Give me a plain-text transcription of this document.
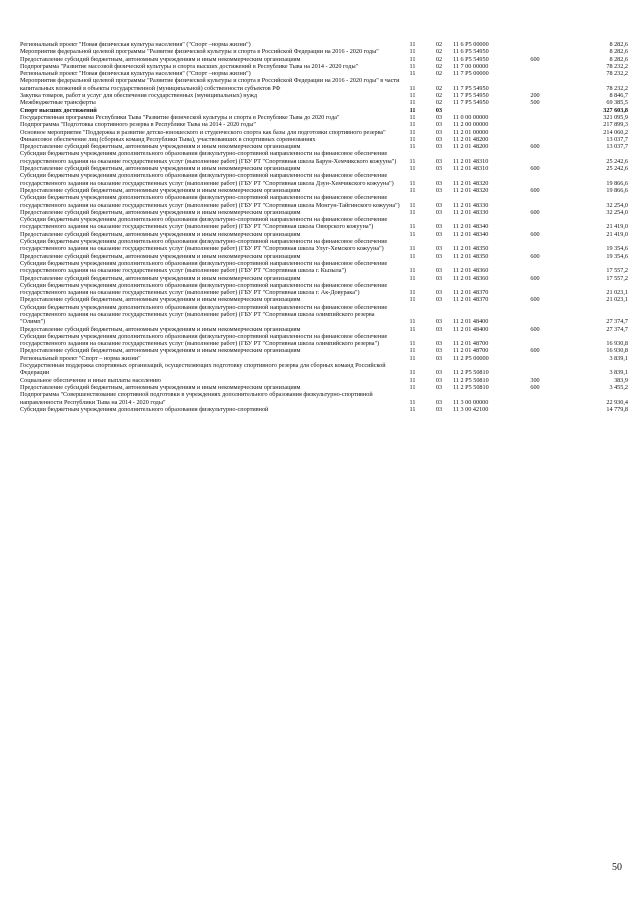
Региональный проект "Новая физическая культура населения" ("Спорт –норма жизни")	11	02	11 6 P5 00000		8 282,6
Мероприятия федеральной целевой программы "Развитие физической культуры и спорта в Российской Федерации на 2016 - 2020 годы"	11	02	11 6 P5 54950		8 282,6
Предоставление субсидий бюджетным, автономным учреждениям и иным некоммерческим организациям	11	02	11 6 P5 54950	600	8 282,6
Подпрограмма "Развитие массовой физической культуры и спорта высших достижений в Республике Тыва на 2014 - 2020 годы"	11	02	11 7 00 00000		78 232,2
Региональный проект "Новая физическая культура населения" ("Спорт –норма жизни")	11	02	11 7 P5 00000		78 232,2
Мероприятия федеральной целевой программы "Развитие физической культуры и спорта в Российской Федерации на 2016 - 2020 годы" в части капитальных вложений в объекты государственной (муниципальной) собственности субъектов РФ	11	02	11 7 P5 54950		78 232,2
Закупка товаров, работ и услуг для обеспечения государственных (муниципальных) нужд	11	02	11 7 P5 54950	200	8 846,7
Межбюджетные трансферты	11	02	11 7 P5 54950	500	69 385,5
Спорт высших достижений	11	03			327 603,8
Государственная программа Республики Тыва "Развитие физической культуры и спорта в Республике Тыва до 2020 года"	11	03	11 0 00 00000		321 095,9
Подпрограмма "Подготовка спортивного резерва в Республике Тыва на 2014 - 2020 годы"	11	03	11 2 00 00000		217 899,3
Основное мероприятие "Поддержка и развитие детско-юношеского и студенческого спорта как базы для подготовки спортивного резерва"	11	03	11 2 01 00000		214 060,2
Финансовое обеспечение лиц (сборных команд Республики Тыва), участвовавших в спортивных соревнованиях	11	03	11 2 01 48200		13 037,7
Предоставление субсидий бюджетным, автономным учреждениям и иным некоммерческим организациям	11	03	11 2 01 48200	600	13 037,7
Субсидии бюджетным учреждениям дополнительного образования физкультурно-спортивной направленности на финансовое обеспечение государственного задания на оказание государственных услуг (выполнение работ) (ГБУ РТ "Спортивная школа Барун-Хемчикского кожууна")	11	03	11 2 01 48310		25 242,6
Предоставление субсидий бюджетным, автономным учреждениям и иным некоммерческим организациям	11	03	11 2 01 48310	600	25 242,6
Субсидии бюджетным учреждениям дополнительного образования физкультурно-спортивной направленности на финансовое обеспечение государственного задания на оказание государственных услуг (выполнение работ) (ГБУ РТ "Спортивная школа Дзун-Хемчикского кожууна")	11	03	11 2 01 48320		19 866,6
Предоставление субсидий бюджетным, автономным учреждениям и иным некоммерческим организациям	11	03	11 2 01 48320	600	19 866,6
Субсидии бюджетным учреждениям дополнительного образования физкультурно-спортивной направленности на финансовое обеспечение государственного задания на оказание государственных услуг (выполнение работ) (ГБУ РТ "Спортивная школа Монгун-Тайгинского кожууна")	11	03	11 2 01 48330		32 254,0
Предоставление субсидий бюджетным, автономным учреждениям и иным некоммерческим организациям	11	03	11 2 01 48330	600	32 254,0
Субсидии бюджетным учреждениям дополнительного образования физкультурно-спортивной направленности на финансовое обеспечение государственного задания на оказание государственных услуг (выполнение работ) (ГБУ РТ "Спортивная школа Овюрского кожууна")	11	03	11 2 01 48340		21 419,0
Предоставление субсидий бюджетным, автономным учреждениям и иным некоммерческим организациям	11	03	11 2 01 48340	600	21 419,0
Субсидии бюджетным учреждениям дополнительного образования физкультурно-спортивной направленности на финансовое обеспечение государственного задания на оказание государственных услуг (выполнение работ) (ГБУ РТ "Спортивная школа Улуг-Хемского кожууна")	11	03	11 2 01 48350		19 354,6
Предоставление субсидий бюджетным, автономным учреждениям и иным некоммерческим организациям	11	03	11 2 01 48350	600	19 354,6
Субсидии бюджетным учреждениям дополнительного образования физкультурно-спортивной направленности на финансовое обеспечение государственного задания на оказание государственных услуг (выполнение работ) (ГБУ РТ "Спортивная школа г. Кызыла")	11	03	11 2 01 48360		17 557,2
Предоставление субсидий бюджетным, автономным учреждениям и иным некоммерческим организациям	11	03	11 2 01 48360	600	17 557,2
Субсидии бюджетным учреждениям дополнительного образования физкультурно-спортивной направленности на финансовое обеспечение государственного задания на оказание государственных услуг (выполнение работ) (ГБУ РТ "Спортивная школа г. Ак-Довурака")	11	03	11 2 01 48370		21 023,1
Предоставление субсидий бюджетным, автономным учреждениям и иным некоммерческим организациям	11	03	11 2 01 48370	600	21 023,1
Субсидии бюджетным учреждениям дополнительного образования физкультурно-спортивной направленности на финансовое обеспечение государственного задания на оказание государственных услуг (выполнение работ) (ГБУ РТ "Спортивная школа олимпийского резерва "Олимп")	11	03	11 2 01 48400		27 374,7
Предоставление субсидий бюджетным, автономным учреждениям и иным некоммерческим организациям	11	03	11 2 01 48400	600	27 374,7
Субсидии бюджетным учреждениям дополнительного образования физкультурно-спортивной направленности на финансовое обеспечение государственного задания на оказание государственных услуг (выполнение работ) (ГБУ РТ "Спортивная школа олимпийского резерва")	11	03	11 2 01 48700		16 930,8
Предоставление субсидий бюджетным, автономным учреждениям и иным некоммерческим организациям	11	03	11 2 01 48700	600	16 930,8
Региональный проект "Спорт – норма жизни"	11	03	11 2 P5 00000		3 839,1
Государственная поддержка спортивных организаций, осуществляющих подготовку спортивного резерва для сборных команд Российской Федерации	11	03	11 2 P5 50810		3 839,1
Социальное обеспечение и иные выплаты населению	11	03	11 2 P5 50810	300	383,9
Предоставление субсидий бюджетным, автономным учреждениям и иным некоммерческим организациям	11	03	11 2 P5 50810	600	3 455,2
Подпрограмма "Совершенствование спортивной подготовки в учреждениях дополнительного образования физкультурно-спортивной направленности Республики Тыва на 2014 - 2020 годы"	11	03	11 3 00 00000		22 930,4
Субсидии бюджетным учреждениям дополнительного образования физкультурно-спортивной	11	03	11 3 00 42100		14 779,8
50
